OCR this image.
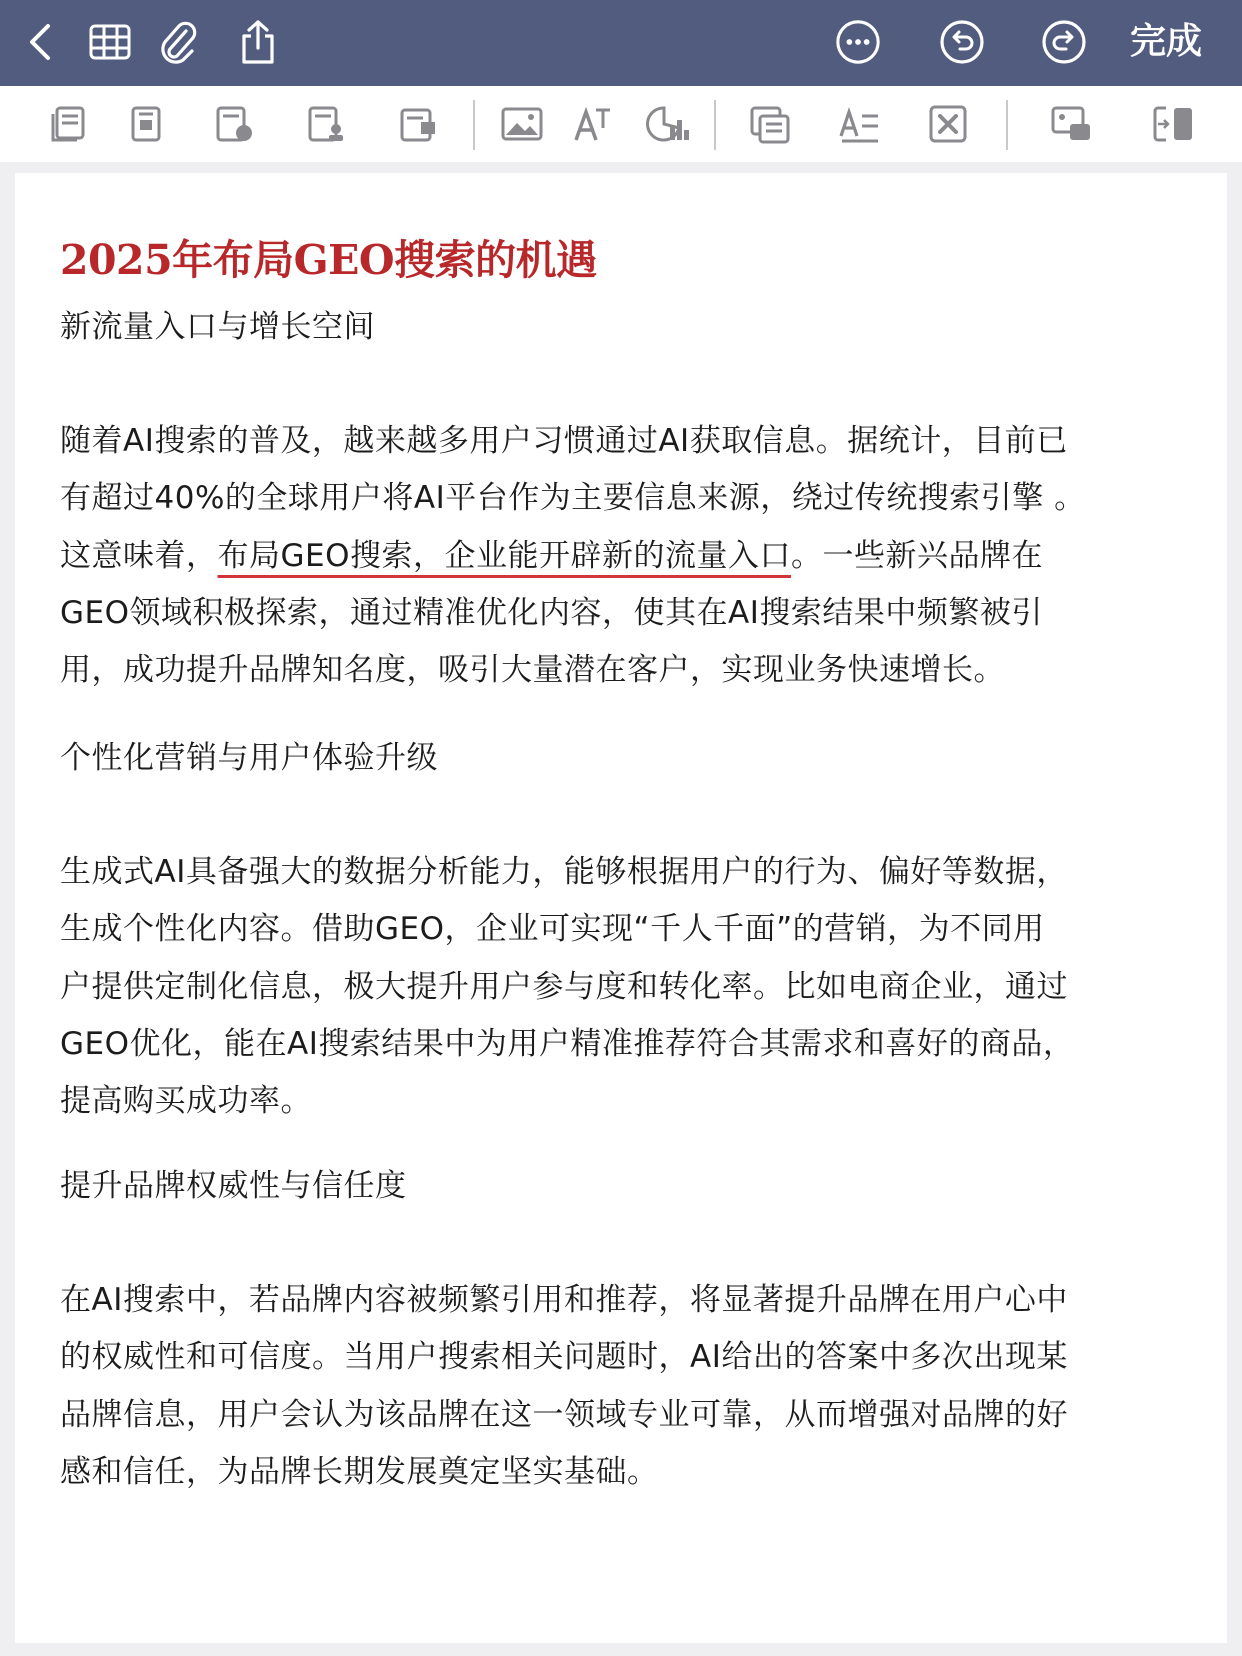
完成
2025年布局GEO搜索的机遇
新流量入口与增长空间
随着AI搜索的普及，越来越多用户习惯通过AI获取信息。据统计，目前已
有超过40%的全球用户将AI平台作为主要信息来源，绕过传统搜索引擎 。
这意味着，布局GEO搜索，企业能开辟新的流量入口。一些新兴品牌在
GEO领域积极探索，通过精准优化内容，使其在AI搜索结果中频繁被引
用，成功提升品牌知名度，吸引大量潜在客户，实现业务快速增长。
个性化营销与用户体验升级
生成式AI具备强大的数据分析能力，能够根据用户的行为、偏好等数据，
生成个性化内容。借助GEO，企业可实现“千人千面”的营销，为不同用
户提供定制化信息，极大提升用户参与度和转化率。比如电商企业，通过
GEO优化，能在AI搜索结果中为用户精准推荐符合其需求和喜好的商品，
提高购买成功率。
提升品牌权威性与信任度
在AI搜索中，若品牌内容被频繁引用和推荐，将显著提升品牌在用户心中
的权威性和可信度。当用户搜索相关问题时，AI给出的答案中多次出现某
品牌信息，用户会认为该品牌在这一领域专业可靠，从而增强对品牌的好
感和信任，为品牌长期发展奠定坚实基础。
